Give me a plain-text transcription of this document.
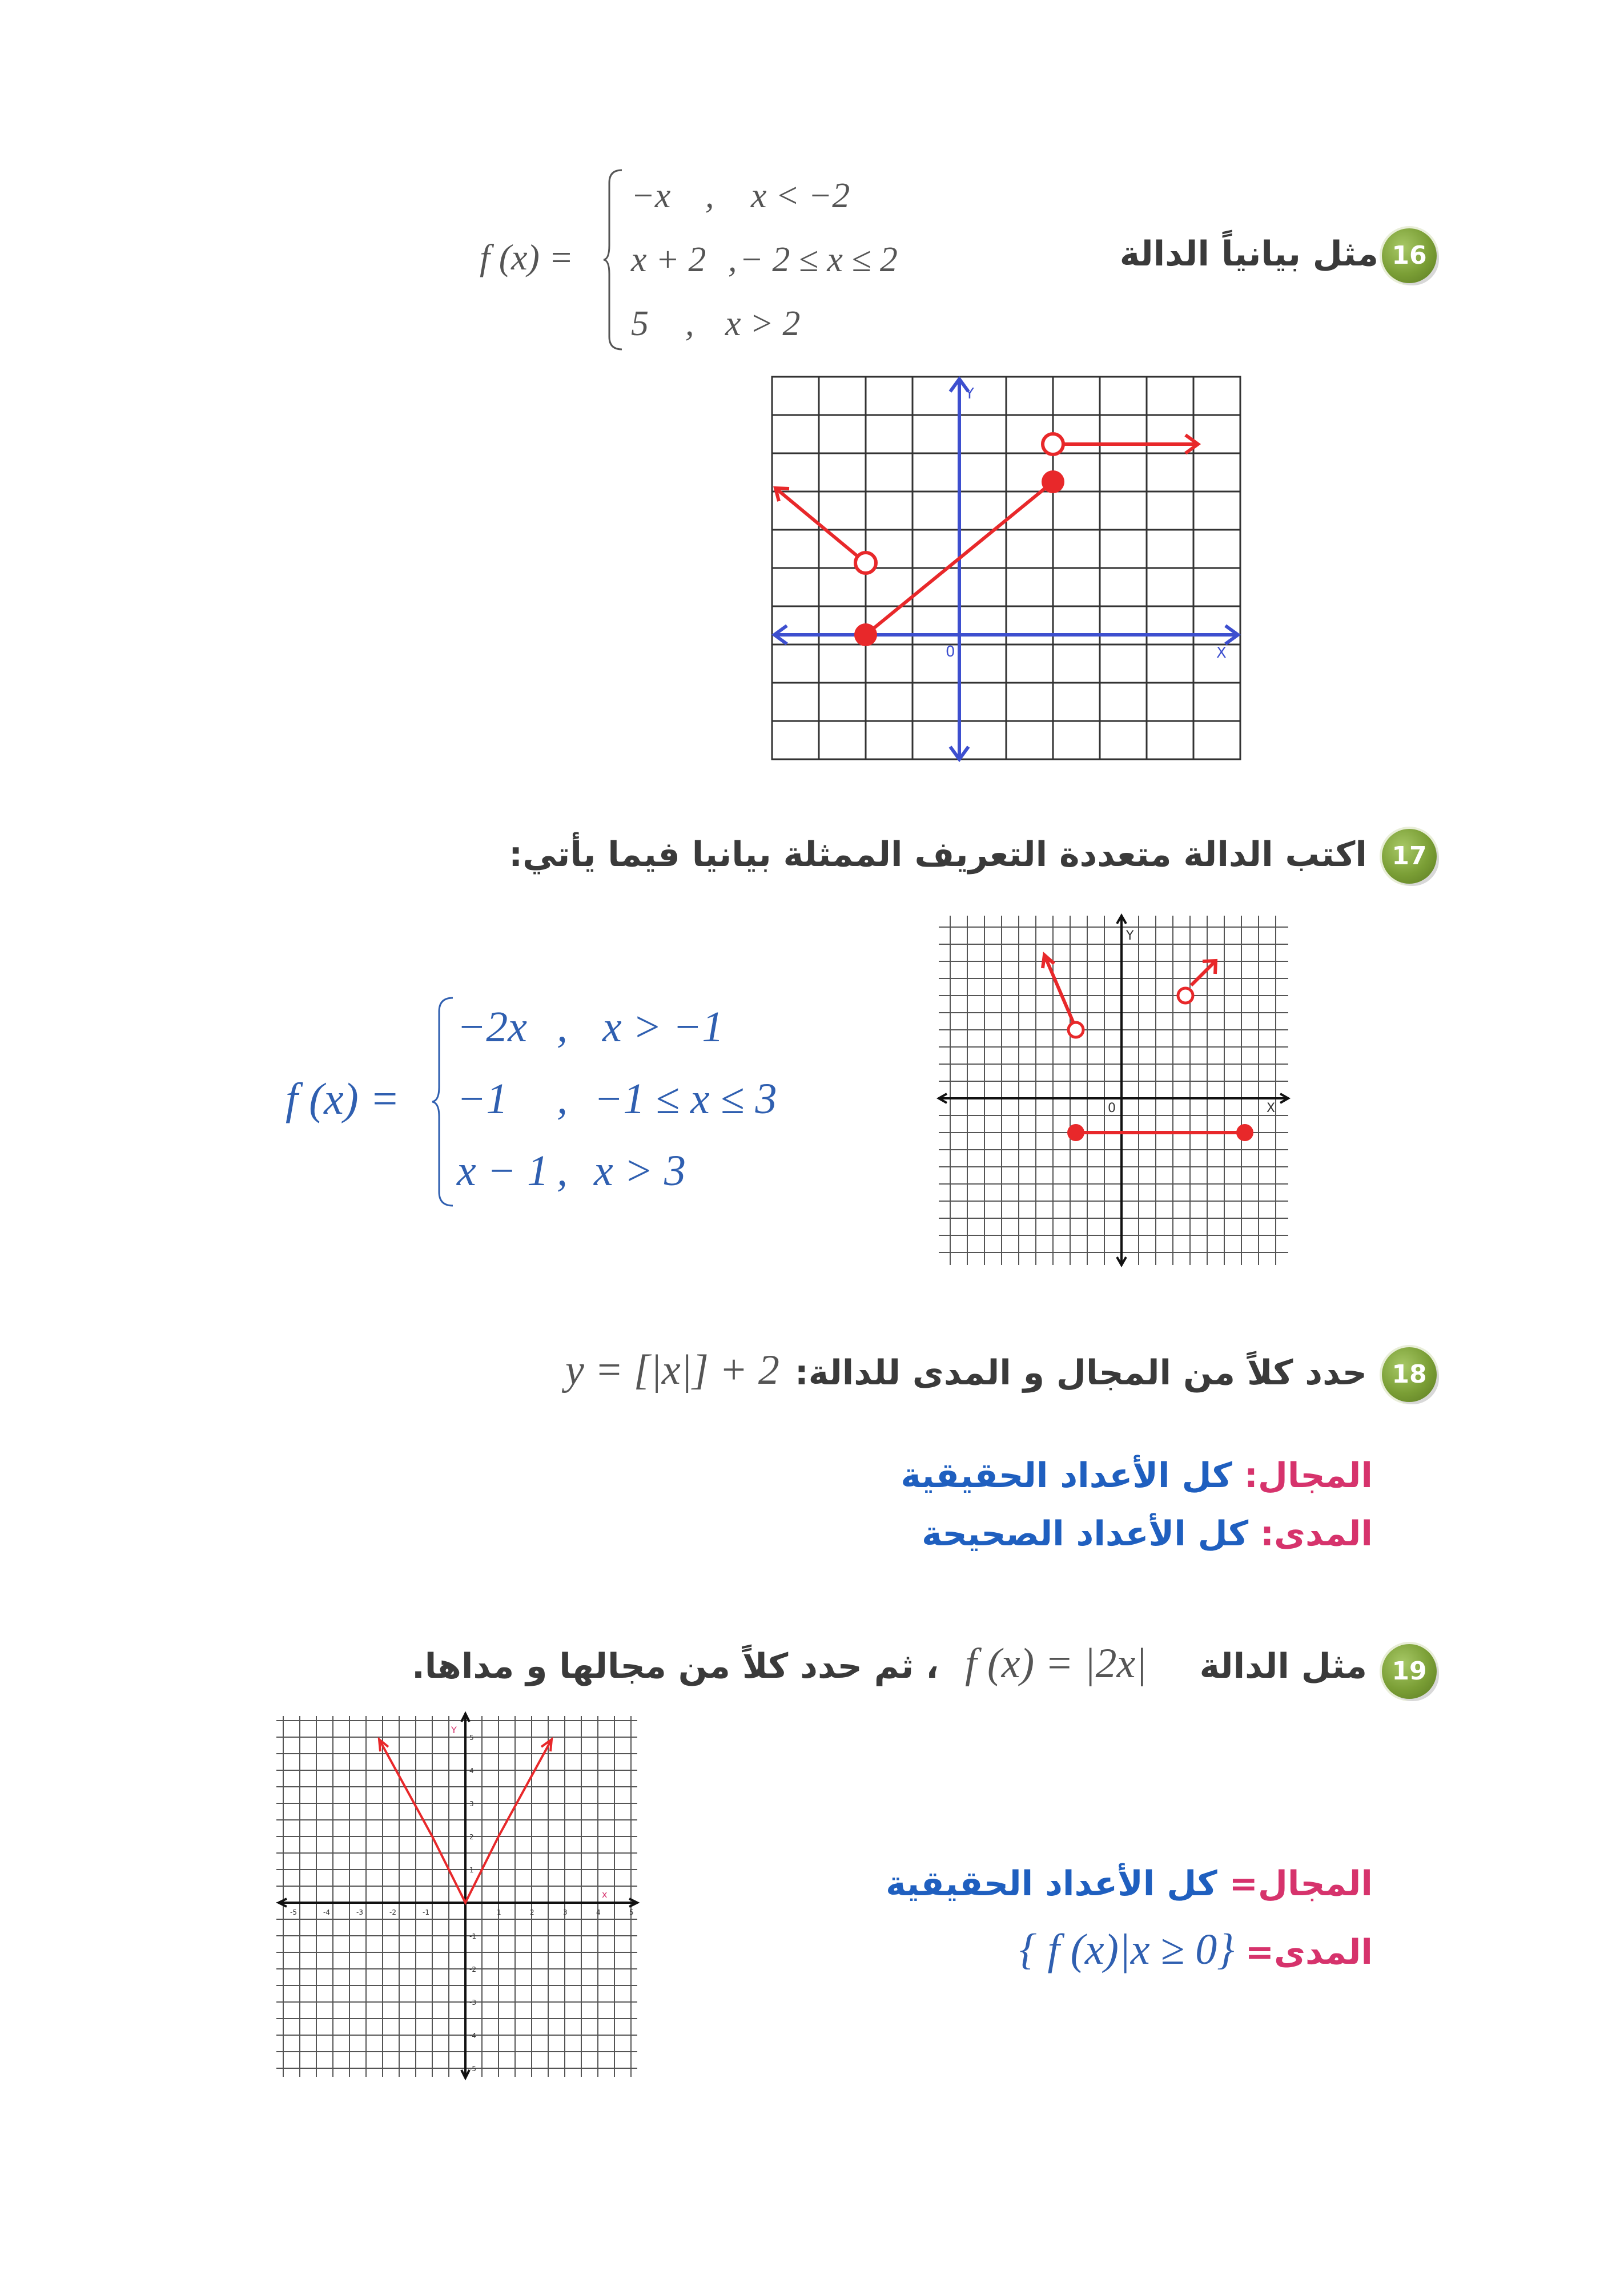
16
مثل بيانياً الدالة
f (x) =
−x x < −2
,
x + 2 − 2 ≤ x ≤ 2
,
5 x > 2
,
Y
X
0
17
اكتب الدالة متعددة التعريف الممثلة بيانيا فيما يأتي:
f (x) =
−2x , x > −1
−1 , −1 ≤ x ≤ 3
x − 1 , x > 3
Y
X
0
18
حدد كلاً من المجال و المدى للدالة:
y = [|x|] + 2
المجال: كل الأعداد الحقيقية
المدى: كل الأعداد الصحيحة
19
مثل الدالة
f (x) = |2x|
، ثم حدد كلاً من مجالها و مداها.
-5	-4	-3	-2	-1	1	2	3	4	5
5
4
3
2
1
-1
-2
-3
-4
-5
Y
x	المجال= كل الأعداد الحقيقية
المدى= { f (x)|x ≥ 0}
